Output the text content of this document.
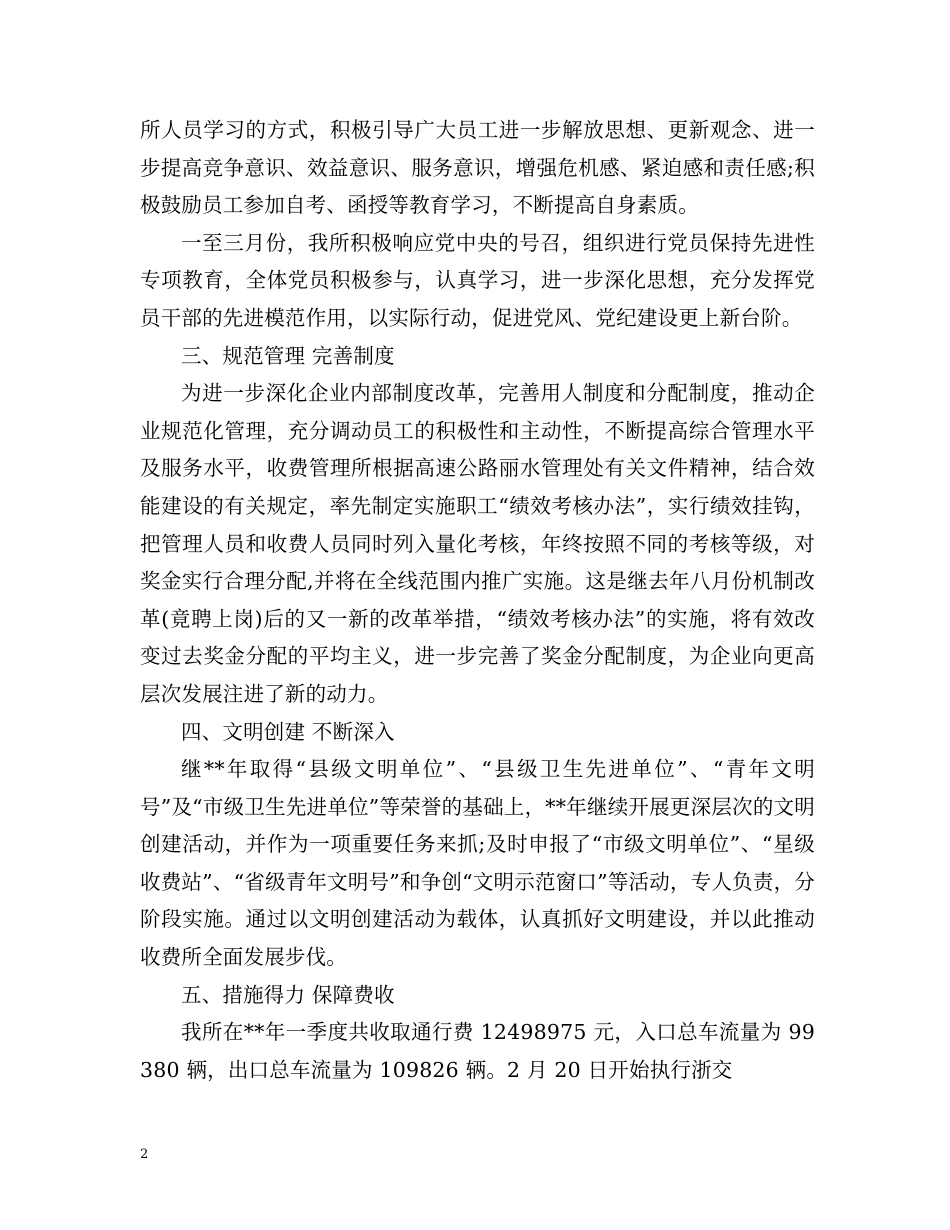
所人员学习的方式，积极引导广大员工进一步解放思想、更新观念、进一步提高竞争意识、效益意识、服务意识，增强危机感、紧迫感和责任感;积极鼓励员工参加自考、函授等教育学习，不断提高自身素质。

一至三月份，我所积极响应党中央的号召，组织进行党员保持先进性专项教育，全体党员积极参与，认真学习，进一步深化思想，充分发挥党员干部的先进模范作用，以实际行动，促进党风、党纪建设更上新台阶。

三、规范管理 完善制度

为进一步深化企业内部制度改革，完善用人制度和分配制度，推动企业规范化管理，充分调动员工的积极性和主动性，不断提高综合管理水平及服务水平，收费管理所根据高速公路丽水管理处有关文件精神，结合效能建设的有关规定，率先制定实施职工“绩效考核办法”，实行绩效挂钩，把管理人员和收费人员同时列入量化考核，年终按照不同的考核等级，对奖金实行合理分配,并将在全线范围内推广实施。这是继去年八月份机制改革(竟聘上岗)后的又一新的改革举措，“绩效考核办法”的实施，将有效改变过去奖金分配的平均主义，进一步完善了奖金分配制度，为企业向更高层次发展注进了新的动力。

四、文明创建 不断深入

继**年取得“县级文明单位”、“县级卫生先进单位”、“青年文明号”及“市级卫生先进单位”等荣誉的基础上，**年继续开展更深层次的文明创建活动，并作为一项重要任务来抓;及时申报了“市级文明单位”、“星级收费站”、“省级青年文明号”和争创“文明示范窗口”等活动，专人负责，分阶段实施。通过以文明创建活动为载体，认真抓好文明建设，并以此推动收费所全面发展步伐。

五、措施得力 保障费收

我所在**年一季度共收取通行费 12498975 元，入口总车流量为 99380 辆，出口总车流量为 109826 辆。2 月 20 日开始执行浙交

2
